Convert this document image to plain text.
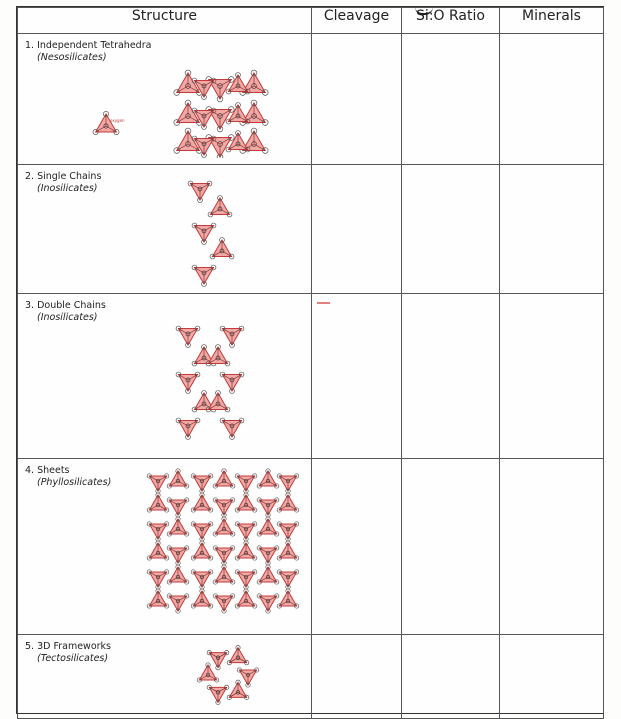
Structure	Cleavage	Si:O Ratio	Minerals

1. Independent Tetrahedra
(Nesosilicates)
oxygen			

2. Single Chains
(Inosilicates)			

3. Double Chains
(Inosilicates)			

4. Sheets
(Phyllosilicates)			

5. 3D Frameworks
(Tectosilicates)			
